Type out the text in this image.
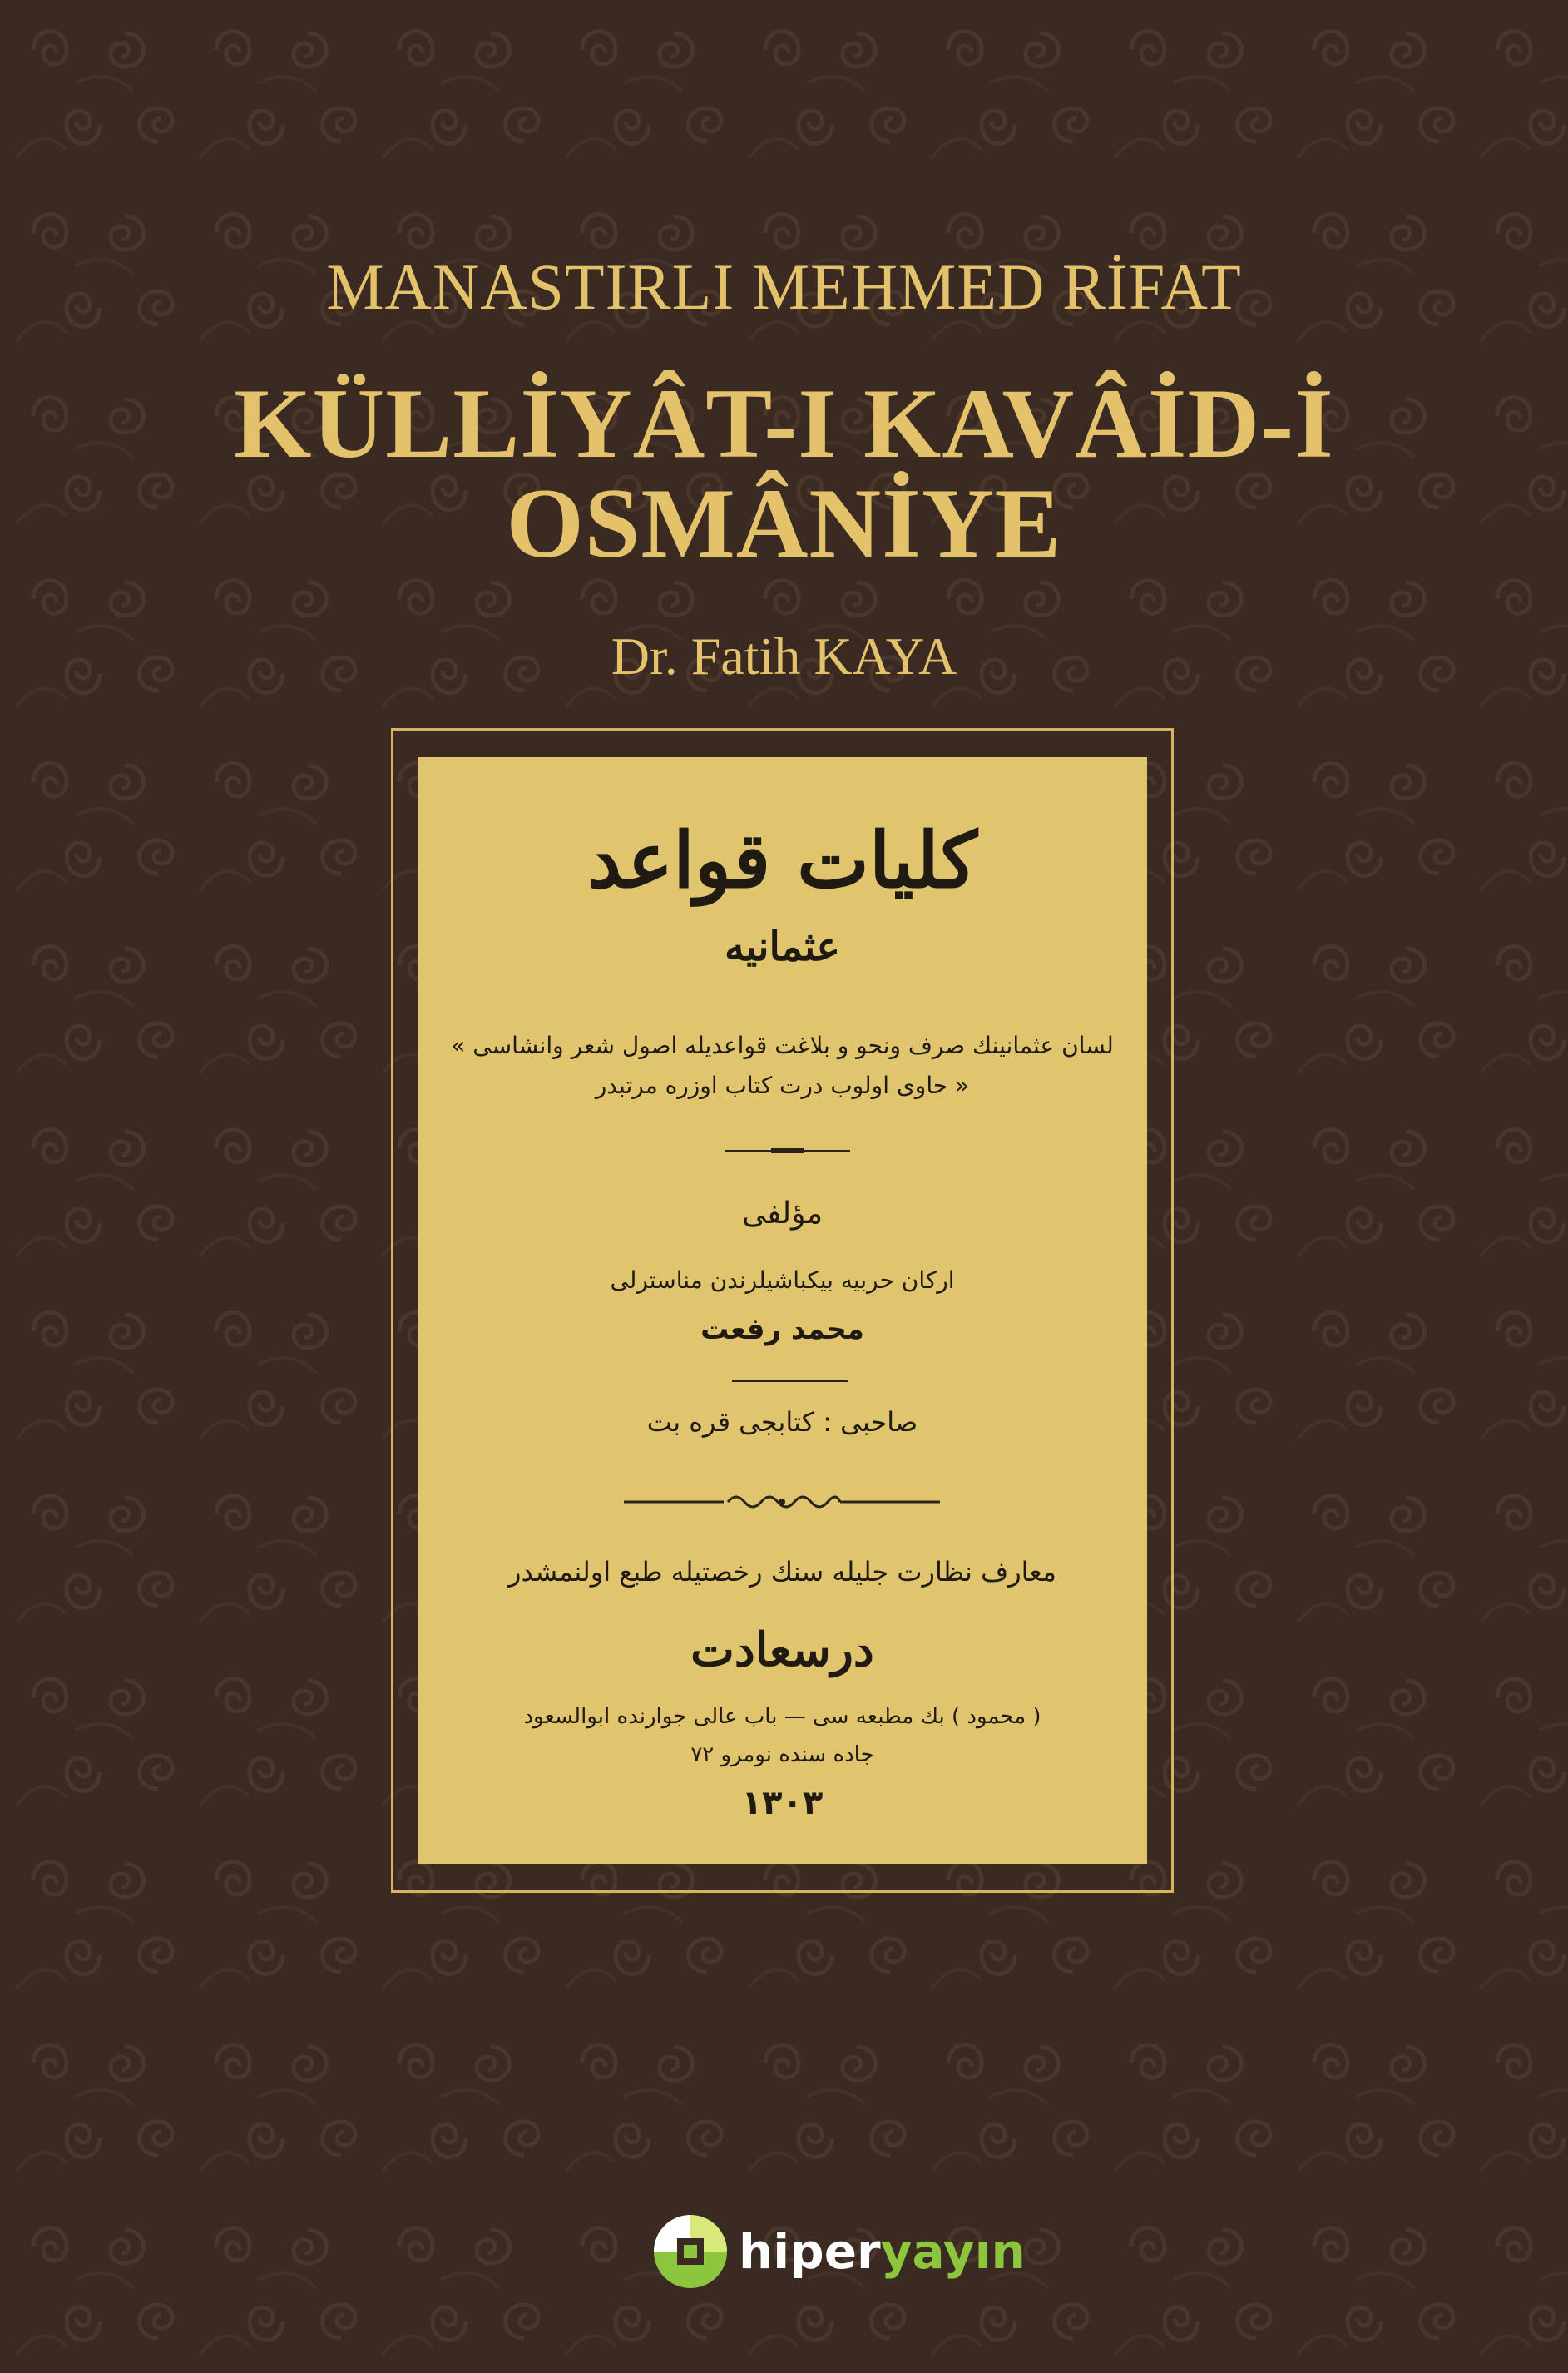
MANASTIRLI MEHMED RİFAT
KÜLLİYÂT-I KAVÂİD-İ
OSMÂNİYE
Dr. Fatih KAYA
كليات قواعد
عثمانيه
لسان عثمانينك صرف ونحو و بلاغت قواعديله اصول شعر وانشاسى »
« حاوى اولوب درت كتاب اوزره مرتبدر
مؤلفى
اركان حربيه بيكباشيلرندن مناسترلى
محمد رفعت
صاحبى : كتابجى قره بت
معارف نظارت جليله سنك رخصتيله طبع اولنمشدر
درسعادت
( محمود ) بك مطبعه سى — باب عالى جوارنده ابوالسعود
جاده سنده نومرو ٧٢
١٣٠٣
hiperyayın
